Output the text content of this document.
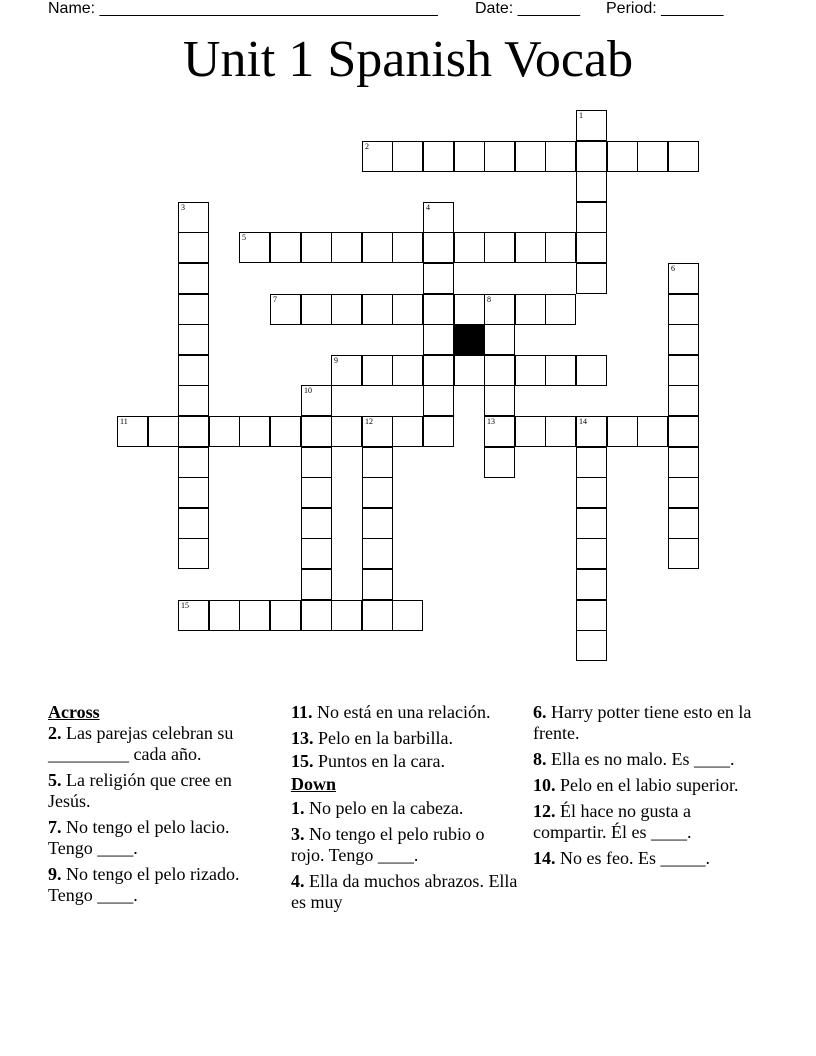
Name: ______________________________________ Date: _______ Period: _______
Unit 1 Spanish Vocab
1
2
3	4
5
6
7	8
13
9
10
11	12	14
15
Across
2. Las parejas celebran su _________ cada año.
5. La religión que cree en Jesús.
7. No tengo el pelo lacio. Tengo ____.
9. No tengo el pelo rizado. Tengo ____.
11. No está en una relación.
13. Pelo en la barbilla.
15. Puntos en la cara.
Down
1. No pelo en la cabeza.
3. No tengo el pelo rubio o rojo. Tengo ____.
4. Ella da muchos abrazos. Ella es muy
6. Harry potter tiene esto en la frente.
8. Ella es no malo. Es ____.
10. Pelo en el labio superior.
12. Él hace no gusta a compartir. Él es ____.
14. No es feo. Es _____.
